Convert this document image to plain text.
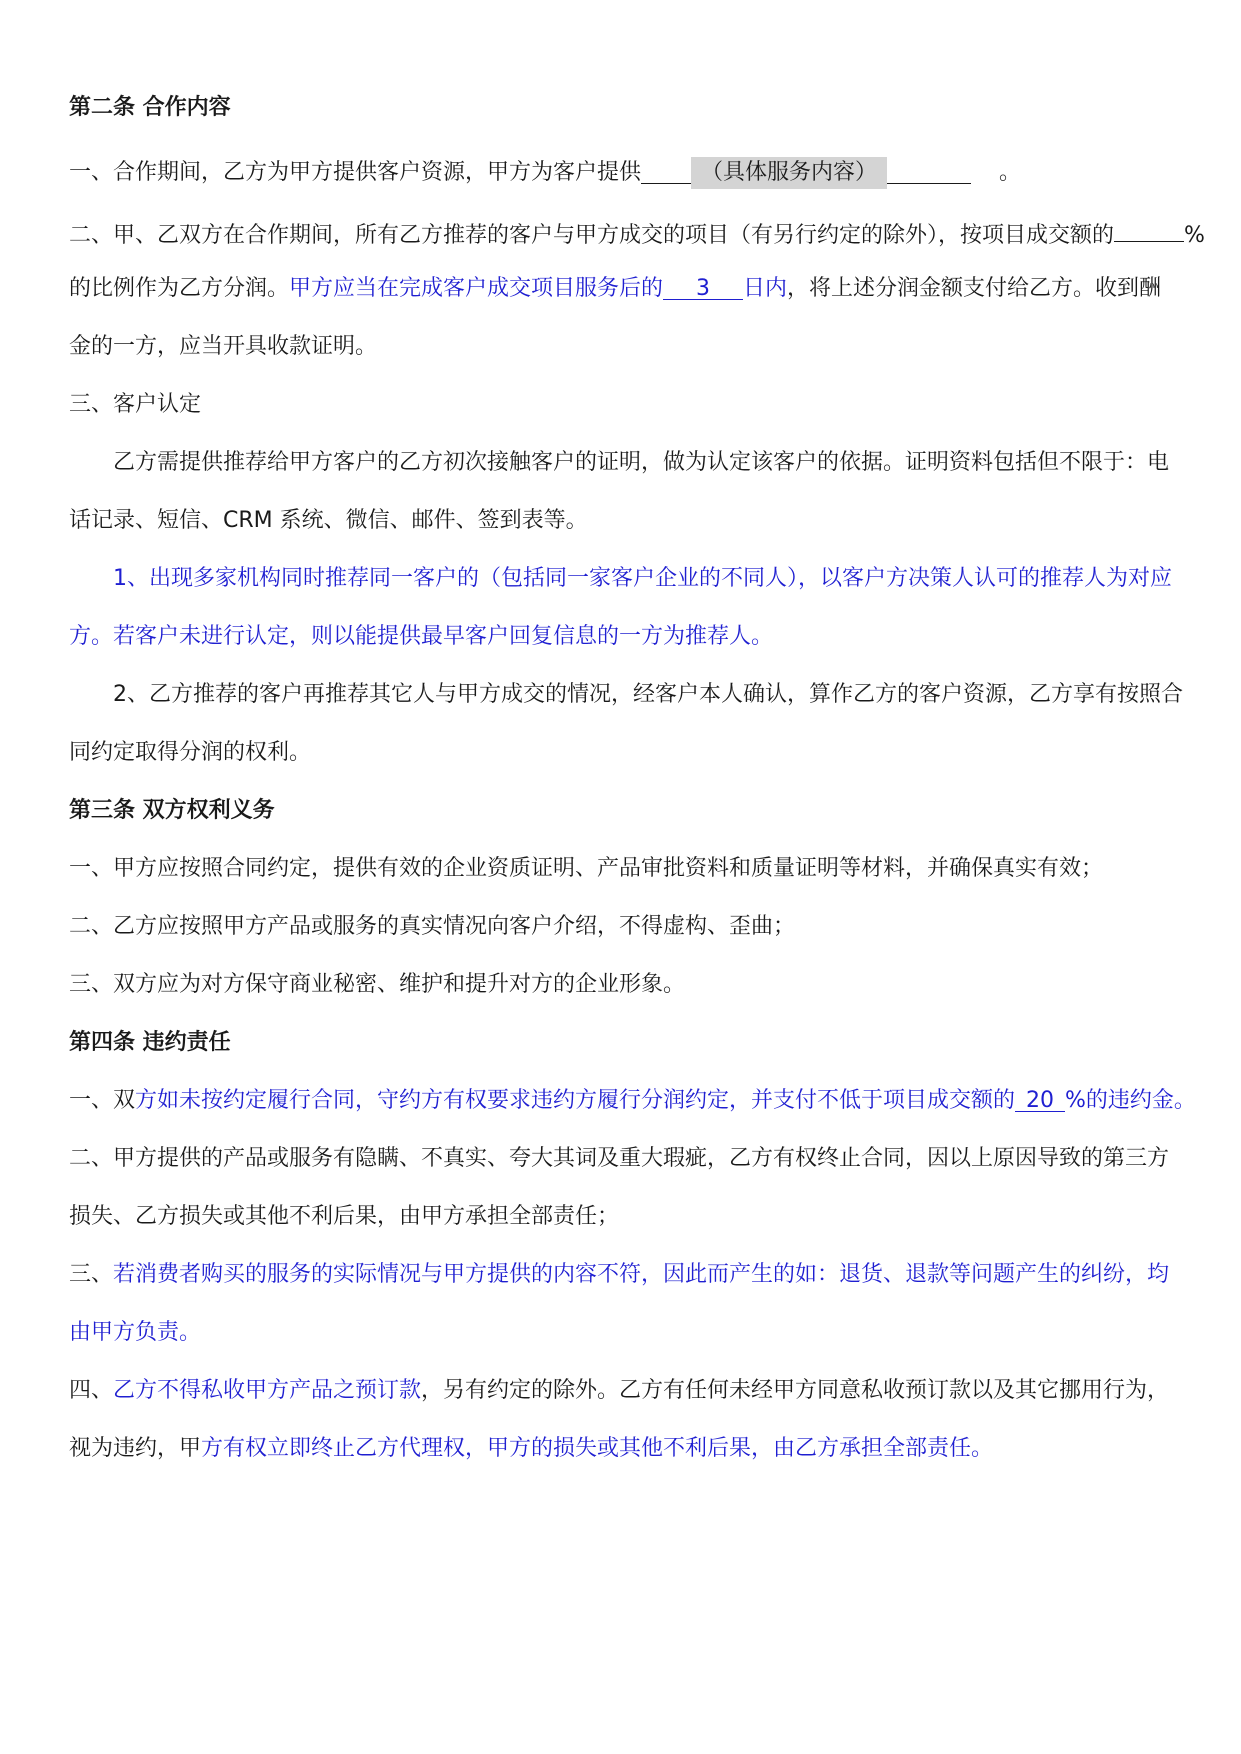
第二条 合作内容
一、合作期间，乙方为甲方提供客户资源，甲方为客户提供	（具体服务内容）	。
二、甲、乙双方在合作期间，所有乙方推荐的客户与甲方成交的项目（有另行约定的除外），按项目成交额的	%
的比例作为乙方分润。甲方应当在完成客户成交项目服务后的 3 日内，将上述分润金额支付给乙方。收到酬
金的一方，应当开具收款证明。
三、客户认定
乙方需提供推荐给甲方客户的乙方初次接触客户的证明，做为认定该客户的依据。证明资料包括但不限于：电
话记录、短信、CRM 系统、微信、邮件、签到表等。
1、出现多家机构同时推荐同一客户的（包括同一家客户企业的不同人），以客户方决策人认可的推荐人为对应
方。若客户未进行认定，则以能提供最早客户回复信息的一方为推荐人。
2、乙方推荐的客户再推荐其它人与甲方成交的情况，经客户本人确认，算作乙方的客户资源，乙方享有按照合
同约定取得分润的权利。
第三条 双方权利义务
一、甲方应按照合同约定，提供有效的企业资质证明、产品审批资料和质量证明等材料，并确保真实有效；
二、乙方应按照甲方产品或服务的真实情况向客户介绍，不得虚构、歪曲；
三、双方应为对方保守商业秘密、维护和提升对方的企业形象。
第四条 违约责任
一、双方如未按约定履行合同，守约方有权要求违约方履行分润约定，并支付不低于项目成交额的 20 %的违约金。
二、甲方提供的产品或服务有隐瞒、不真实、夸大其词及重大瑕疵，乙方有权终止合同，因以上原因导致的第三方
损失、乙方损失或其他不利后果，由甲方承担全部责任；
三、若消费者购买的服务的实际情况与甲方提供的内容不符，因此而产生的如：退货、退款等问题产生的纠纷，均
由甲方负责。
四、乙方不得私收甲方产品之预订款，另有约定的除外。乙方有任何未经甲方同意私收预订款以及其它挪用行为，
视为违约，甲方有权立即终止乙方代理权，甲方的损失或其他不利后果，由乙方承担全部责任。
